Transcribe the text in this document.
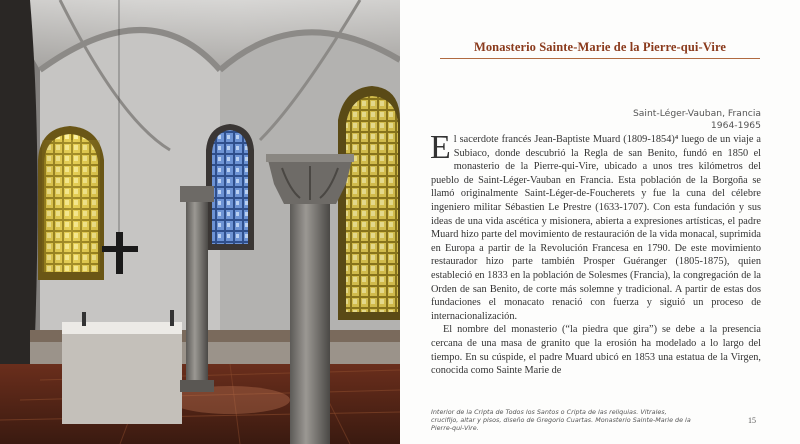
Monasterio Sainte-Marie de la Pierre-qui-Vire
Saint-Léger-Vauban, Francia
1964-1965

El sacerdote francés Jean-Baptiste Muard (1809-1854)⁴ luego de un viaje a Subiaco, donde descubrió la Regla de san Benito, fundó en 1850 el monasterio de la Pierre-qui-Vire, ubicado a unos tres kilómetros del pueblo de Saint-Léger-Vauban en Francia. Esta población de la Borgoña se llamó originalmente Saint-Léger-de-Foucherets y fue la cuna del célebre ingeniero militar Sébastien Le Prestre (1633-1707). Con esta fundación y sus ideas de una vida ascética y misionera, abierta a expresiones artísticas, el padre Muard hizo parte del movimiento de restauración de la vida monacal, suprimida en Europa a partir de la Revolución Francesa en 1790. De este movimiento restaurador hizo parte también Prosper Guéranger (1805-1875), quien estableció en 1833 en la población de Solesmes (Francia), la congregación de la Orden de san Benito, de corte más solemne y tradicional. A partir de estas dos fundaciones el monacato renació con fuerza y siguió un proceso de internacionalización.

El nombre del monasterio (“la piedra que gira”) se debe a la presencia cercana de una masa de granito que la erosión ha modelado a lo largo del tiempo. En su cúspide, el padre Muard ubicó en 1853 una estatua de la Virgen, conocida como Sainte Marie de

Interior de la Cripta de Todos los Santos o Cripta de las reliquias. Vitrales, crucifijo, altar y pisos, diseño de Gregorio Cuartas. Monasterio Sainte-Marie de la Pierre-qui-Vire.
15
